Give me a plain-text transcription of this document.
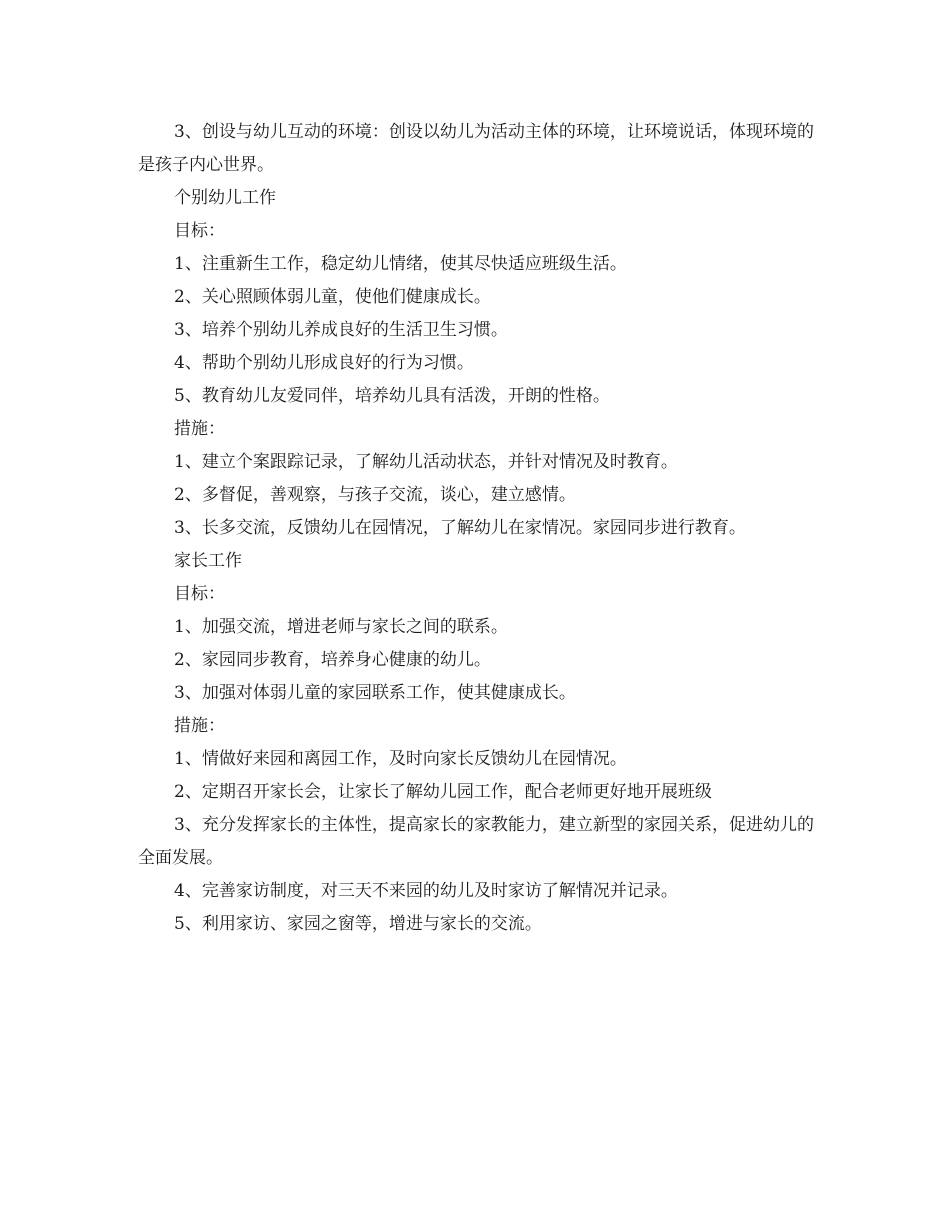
3、创设与幼儿互动的环境：创设以幼儿为活动主体的环境，让环境说话，体现环境的是孩子内心世界。

个别幼儿工作

目标：

1、注重新生工作，稳定幼儿情绪，使其尽快适应班级生活。

2、关心照顾体弱儿童，使他们健康成长。

3、培养个别幼儿养成良好的生活卫生习惯。

4、帮助个别幼儿形成良好的行为习惯。

5、教育幼儿友爱同伴，培养幼儿具有活泼，开朗的性格。

措施：

1、建立个案跟踪记录，了解幼儿活动状态，并针对情况及时教育。

2、多督促，善观察，与孩子交流，谈心，建立感情。

3、长多交流，反馈幼儿在园情况，了解幼儿在家情况。家园同步进行教育。

家长工作

目标：

1、加强交流，增进老师与家长之间的联系。

2、家园同步教育，培养身心健康的幼儿。

3、加强对体弱儿童的家园联系工作，使其健康成长。

措施：

1、情做好来园和离园工作，及时向家长反馈幼儿在园情况。

2、定期召开家长会，让家长了解幼儿园工作，配合老师更好地开展班级

3、充分发挥家长的主体性，提高家长的家教能力，建立新型的家园关系，促进幼儿的全面发展。

4、完善家访制度，对三天不来园的幼儿及时家访了解情况并记录。

5、利用家访、家园之窗等，增进与家长的交流。
